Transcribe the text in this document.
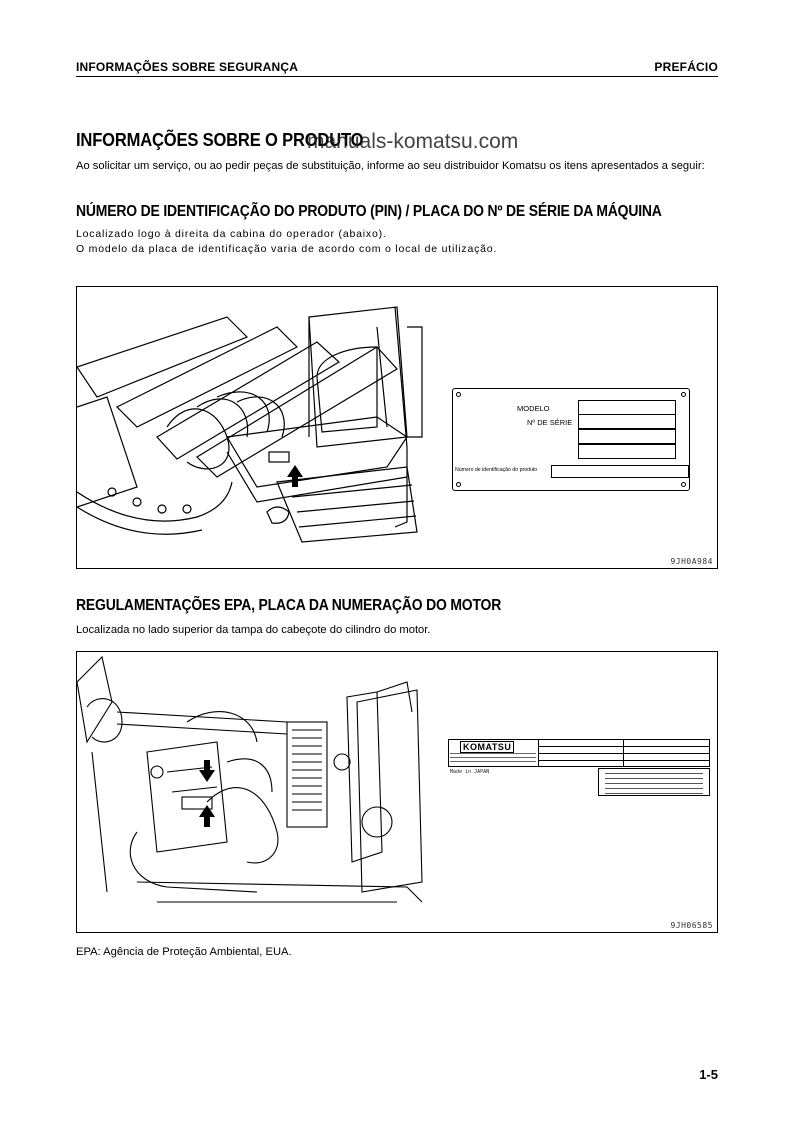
INFORMAÇÕES SOBRE SEGURANÇA	PREFÁCIO
INFORMAÇÕES SOBRE O PRODUTO
manuals-komatsu.com
Ao solicitar um serviço, ou ao pedir peças de substituição, informe ao seu distribuidor Komatsu os itens apresentados a seguir:
NÚMERO DE IDENTIFICAÇÃO DO PRODUTO (PIN) / PLACA DO Nº DE SÉRIE DA MÁQUINA
Localizado logo à direita da cabina do operador (abaixo).
O modelo da placa de identificação varia de acordo com o local de utilização.
MODELO
Nº DE SÉRIE
Número de identificação do produto
9JH0A984
REGULAMENTAÇÕES EPA, PLACA DA NUMERAÇÃO DO MOTOR
Localizada no lado superior da tampa do cabeçote do cilindro do motor.
KOMATSU
Made in JAPAN
9JH06585
EPA: Agência de Proteção Ambiental, EUA.
1-5
